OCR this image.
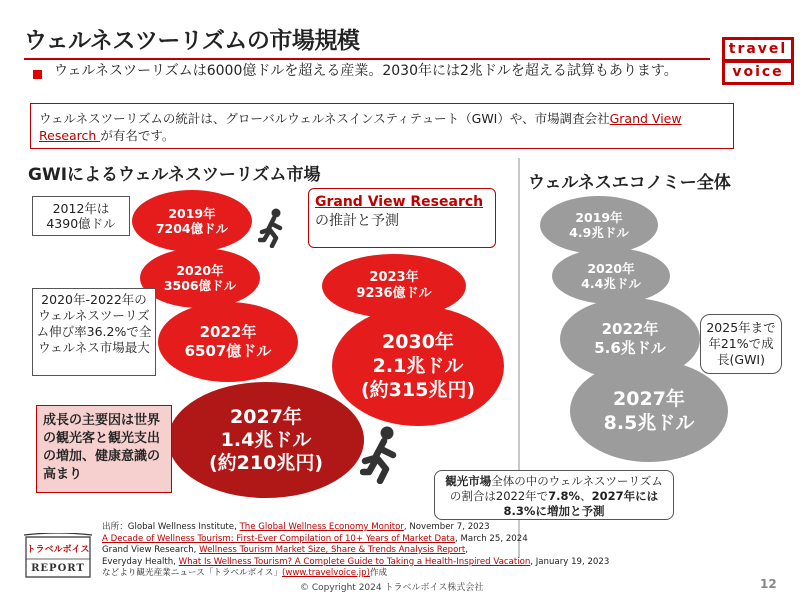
ウェルネスツーリズムの市場規模	travel
voice
ウェルネスツーリズムは6000億ドルを超える産業。2030年には2兆ドルを超える試算もあります。
ウェルネスツーリズムの統計は、グローバルウェルネスインスティテュート（GWI）や、市場調査会社Grand View Research が有名です。
GWIによるウェルネスツーリズム市場	ウェルネスエコノミー全体
2012年は
4390億ドル
2019年
7204億ドル
2020年
3506億ドル
2020年-2022年のウェルネスツーリズム伸び率36.2%で全ウェルネス市場最大
2022年
6507億ドル
2027年
1.4兆ドル
(約210兆円)
成長の主要因は世界の観光客と観光支出の増加、健康意識の高まり
Grand View Research
の推計と予測
2023年
9236億ドル
2030年
2.1兆ドル
(約315兆円)
観光市場全体の中のウェルネスツーリズムの割合は2022年で7.8%、2027年には8.3%に増加と予測
2019年
4.9兆ドル
2020年
4.4兆ドル
2022年
5.6兆ドル
2027年
8.5兆ドル
2025年まで年21%で成長(GWI)
出所：Global Wellness Institute, The Global Wellness Economy Monitor, November 7, 2023
A Decade of Wellness Tourism: First-Ever Compilation of 10+ Years of Market Data, March 25, 2024
Grand View Research, Wellness Tourism Market Size, Share & Trends Analysis Report,
Everyday Health, What Is Wellness Tourism? A Complete Guide to Taking a Health-Inspired Vacation, January 19, 2023
などより観光産業ニュース「トラベルボイス」(www.travelvoice.jp)作成
トラベルボイス
REPORT
© Copyright 2024 トラベルボイス株式会社	12
